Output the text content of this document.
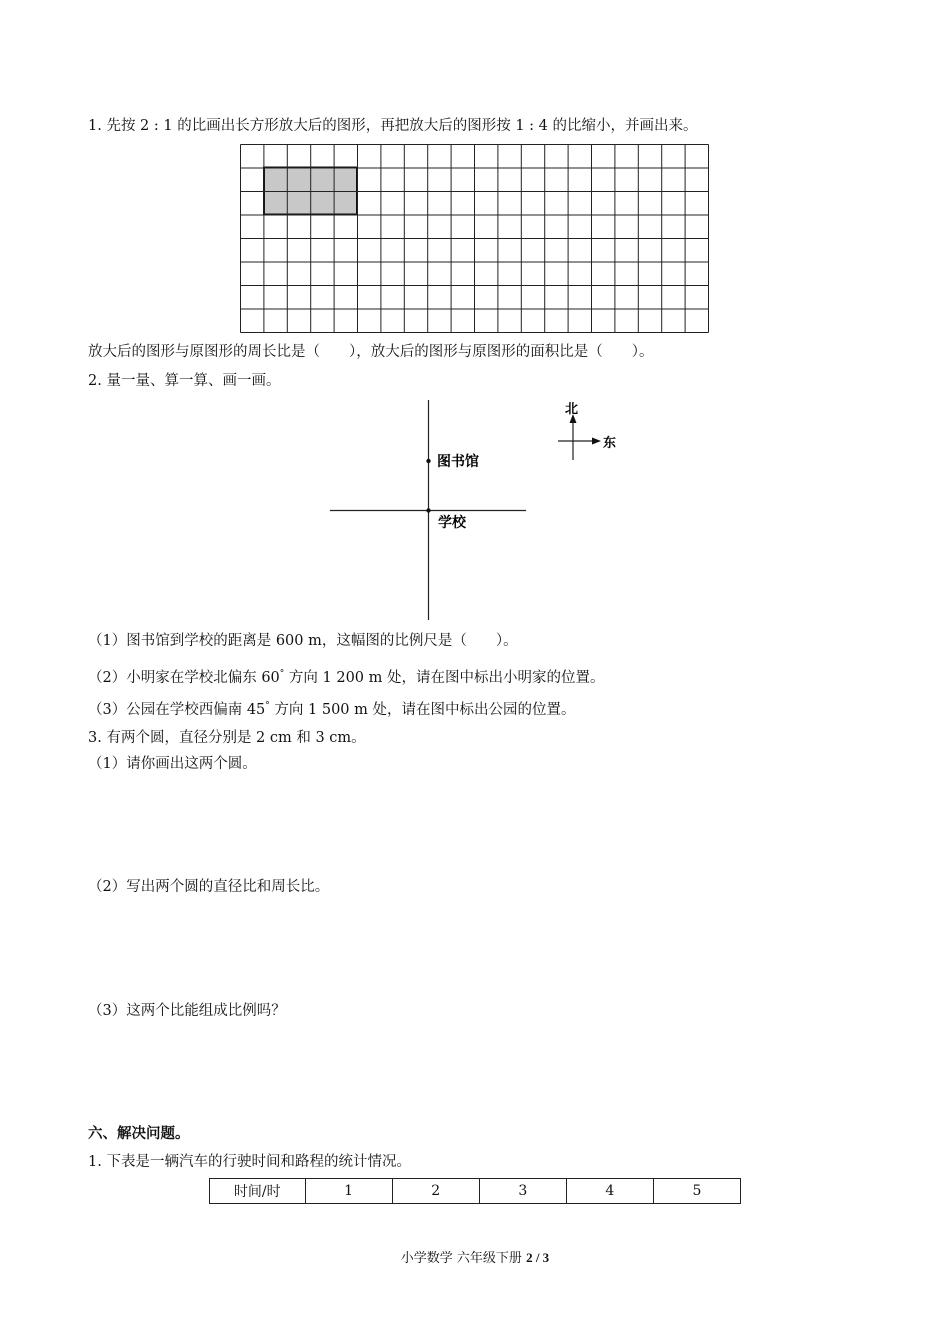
1. 先按 2 : 1 的比画出长方形放大后的图形，再把放大后的图形按 1 : 4 的比缩小，并画出来。
放大后的图形与原图形的周长比是（　　），放大后的图形与原图形的面积比是（　　）。
2. 量一量、算一算、画一画。
图书馆
学校
北
东
（1）图书馆到学校的距离是 600 m，这幅图的比例尺是（　　）。
（2）小明家在学校北偏东 60° 方向 1 200 m 处，请在图中标出小明家的位置。
（3）公园在学校西偏南 45° 方向 1 500 m 处，请在图中标出公园的位置。
3. 有两个圆，直径分别是 2 cm 和 3 cm。
（1）请你画出这两个圆。
（2）写出两个圆的直径比和周长比。
（3）这两个比能组成比例吗？
六、解决问题。
1. 下表是一辆汽车的行驶时间和路程的统计情况。
时间/时	1	2	3	4	5
小学数学 六年级下册 2 / 3
